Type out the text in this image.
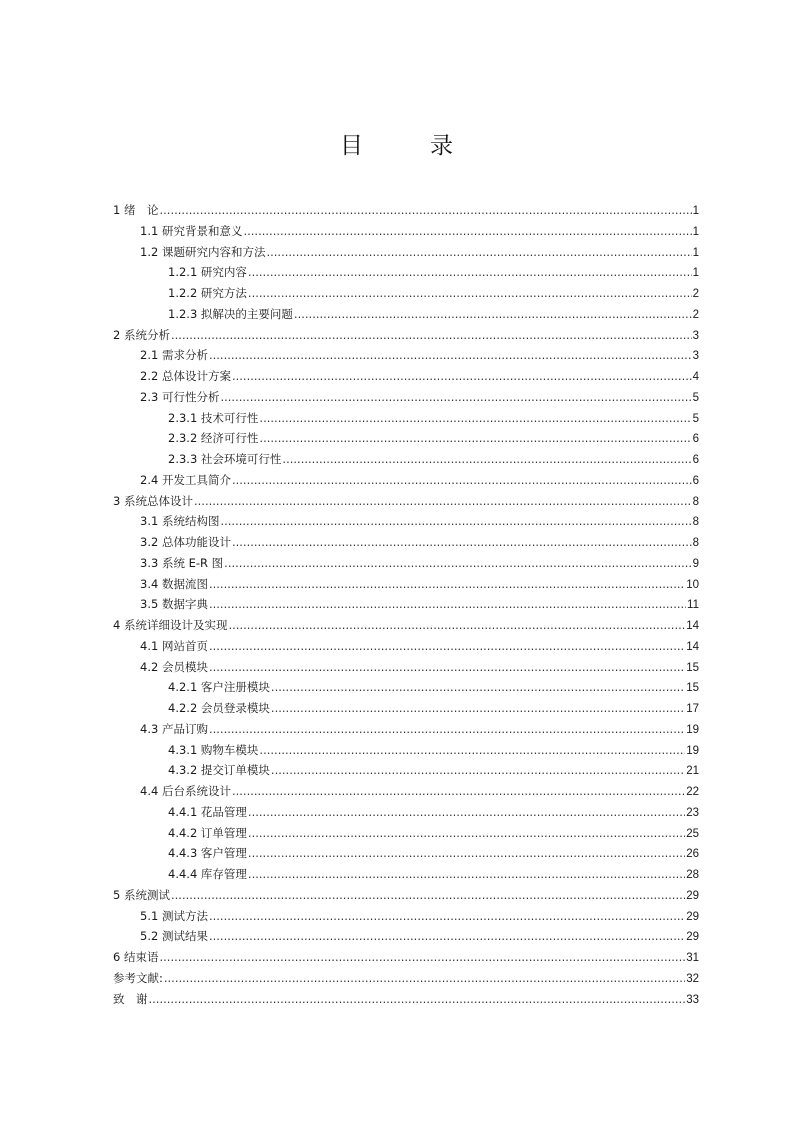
目　录
1 绪　论 .....	1
1.1 研究背景和意义 .....	1
1.2 课题研究内容和方法 .....	1
1.2.1 研究内容 .....	1
1.2.2 研究方法 .....	2
1.2.3 拟解决的主要问题 .....	2
2 系统分析 .....	3
2.1 需求分析 .....	3
2.2 总体设计方案 .....	4
2.3 可行性分析 .....	5
2.3.1 技术可行性 .....	5
2.3.2 经济可行性 .....	6
2.3.3 社会环境可行性 .....	6
2.4 开发工具简介 .....	6
3 系统总体设计 .....	8
3.1 系统结构图 .....	8
3.2 总体功能设计 .....	8
3.3 系统 E-R 图 .....	9
3.4 数据流图 .....	10
3.5 数据字典 .....	11
4 系统详细设计及实现 .....	14
4.1 网站首页 .....	14
4.2 会员模块 .....	15
4.2.1 客户注册模块 .....	15
4.2.2 会员登录模块 .....	17
4.3 产品订购 .....	19
4.3.1 购物车模块 .....	19
4.3.2 提交订单模块 .....	21
4.4 后台系统设计 .....	22
4.4.1 花品管理 .....	23
4.4.2 订单管理 .....	25
4.4.3 客户管理 .....	26
4.4.4 库存管理 .....	28
5 系统测试 .....	29
5.1 测试方法 .....	29
5.2 测试结果 .....	29
6 结束语 .....	31
参考文献: .....	32
致　谢 .....	33
